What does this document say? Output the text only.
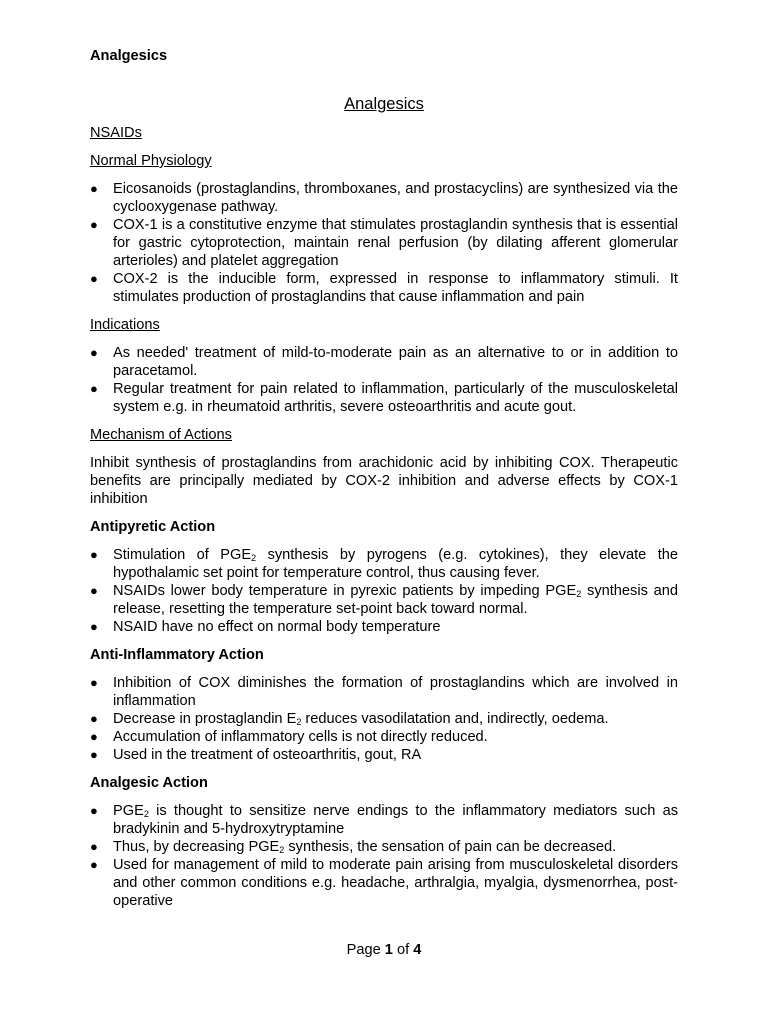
Analgesics
Analgesics
NSAIDs
Normal Physiology
● Eicosanoids (prostaglandins, thromboxanes, and prostacyclins) are synthesized via the cyclooxygenase pathway.
● COX-1 is a constitutive enzyme that stimulates prostaglandin synthesis that is essential for gastric cytoprotection, maintain renal perfusion (by dilating afferent glomerular arterioles) and platelet aggregation
● COX-2 is the inducible form, expressed in response to inflammatory stimuli. It stimulates production of prostaglandins that cause inflammation and pain
Indications
● As needed' treatment of mild-to-moderate pain as an alternative to or in addition to paracetamol.
● Regular treatment for pain related to inflammation, particularly of the musculoskeletal system e.g. in rheumatoid arthritis, severe osteoarthritis and acute gout.
Mechanism of Actions
Inhibit synthesis of prostaglandins from arachidonic acid by inhibiting COX. Therapeutic benefits are principally mediated by COX-2 inhibition and adverse effects by COX-1 inhibition
Antipyretic Action
● Stimulation of $PGE_2$ synthesis by pyrogens (e.g. cytokines), they elevate the hypothalamic set point for temperature control, thus causing fever.
● NSAIDs lower body temperature in pyrexic patients by impeding $PGE_2$ synthesis and release, resetting the temperature set-point back toward normal.
● NSAID have no effect on normal body temperature
Anti-Inflammatory Action
● Inhibition of COX diminishes the formation of prostaglandins which are involved in inflammation
● Decrease in prostaglandin $E_2$ reduces vasodilatation and, indirectly, oedema.
● Accumulation of inflammatory cells is not directly reduced.
● Used in the treatment of osteoarthritis, gout, RA
Analgesic Action
● $PGE_2$ is thought to sensitize nerve endings to the inflammatory mediators such as bradykinin and 5-hydroxytryptamine
● Thus, by decreasing $PGE_2$ synthesis, the sensation of pain can be decreased.
● Used for management of mild to moderate pain arising from musculoskeletal disorders and other common conditions e.g. headache, arthralgia, myalgia, dysmenorrhea, post-operative
Page 1 of 4
